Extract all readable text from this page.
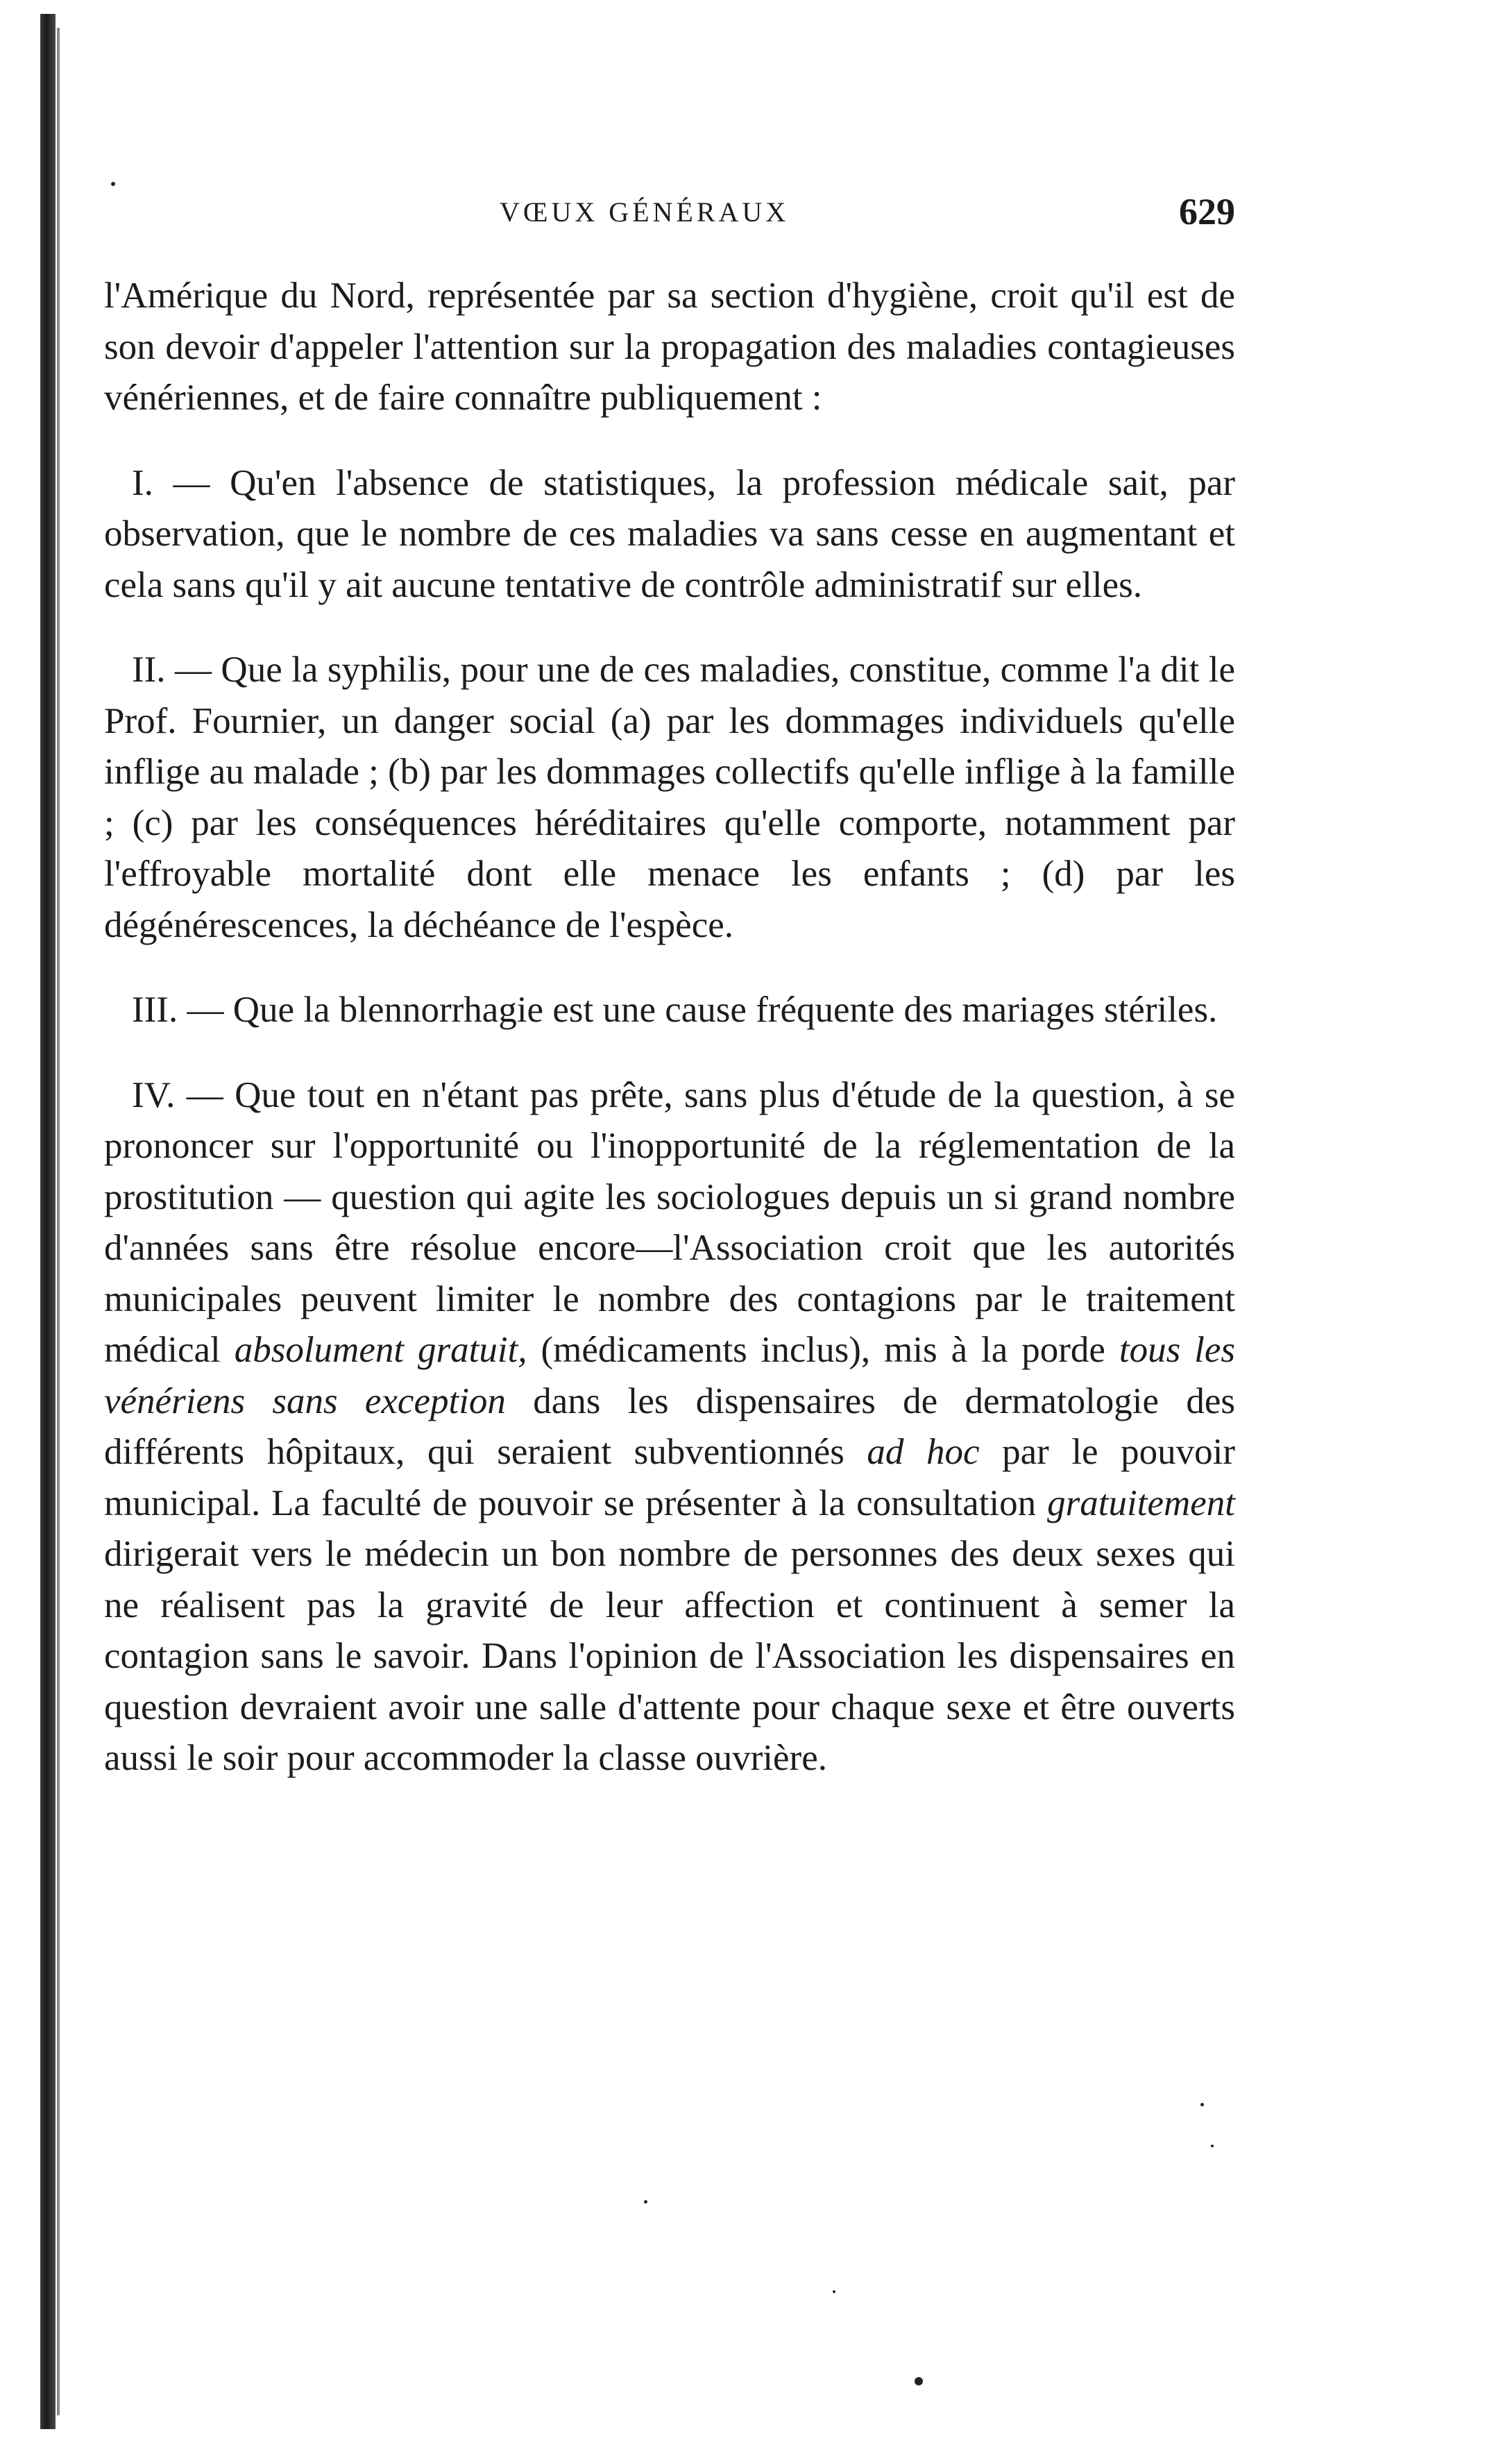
VŒUX GÉNÉRAUX	629

l'Amérique du Nord, représentée par sa section d'hygiène, croit qu'il est de son devoir d'appeler l'attention sur la propagation des maladies contagieuses vénériennes, et de faire connaître publiquement :

I. — Qu'en l'absence de statistiques, la profession médicale sait, par observation, que le nombre de ces maladies va sans cesse en augmentant et cela sans qu'il y ait aucune tentative de contrôle administratif sur elles.

II. — Que la syphilis, pour une de ces maladies, constitue, comme l'a dit le Prof. Fournier, un danger social (a) par les dommages individuels qu'elle inflige au malade ; (b) par les dommages collectifs qu'elle inflige à la famille ; (c) par les conséquences héréditaires qu'elle comporte, notamment par l'effroyable mortalité dont elle menace les enfants ; (d) par les dégénérescences, la déchéance de l'espèce.

III. — Que la blennorrhagie est une cause fréquente des mariages stériles.

IV. — Que tout en n'étant pas prête, sans plus d'étude de la question, à se prononcer sur l'opportunité ou l'inopportunité de la réglementation de la prostitution — question qui agite les sociologues depuis un si grand nombre d'années sans être résolue encore—l'Association croit que les autorités municipales peuvent limiter le nombre des contagions par le traitement médical absolument gratuit, (médicaments inclus), mis à la porde tous les vénériens sans exception dans les dispensaires de dermatologie des différents hôpitaux, qui seraient subventionnés ad hoc par le pouvoir municipal. La faculté de pouvoir se présenter à la consultation gratuitement dirigerait vers le médecin un bon nombre de personnes des deux sexes qui ne réalisent pas la gravité de leur affection et continuent à semer la contagion sans le savoir. Dans l'opinion de l'Association les dispensaires en question devraient avoir une salle d'attente pour chaque sexe et être ouverts aussi le soir pour accommoder la classe ouvrière.
